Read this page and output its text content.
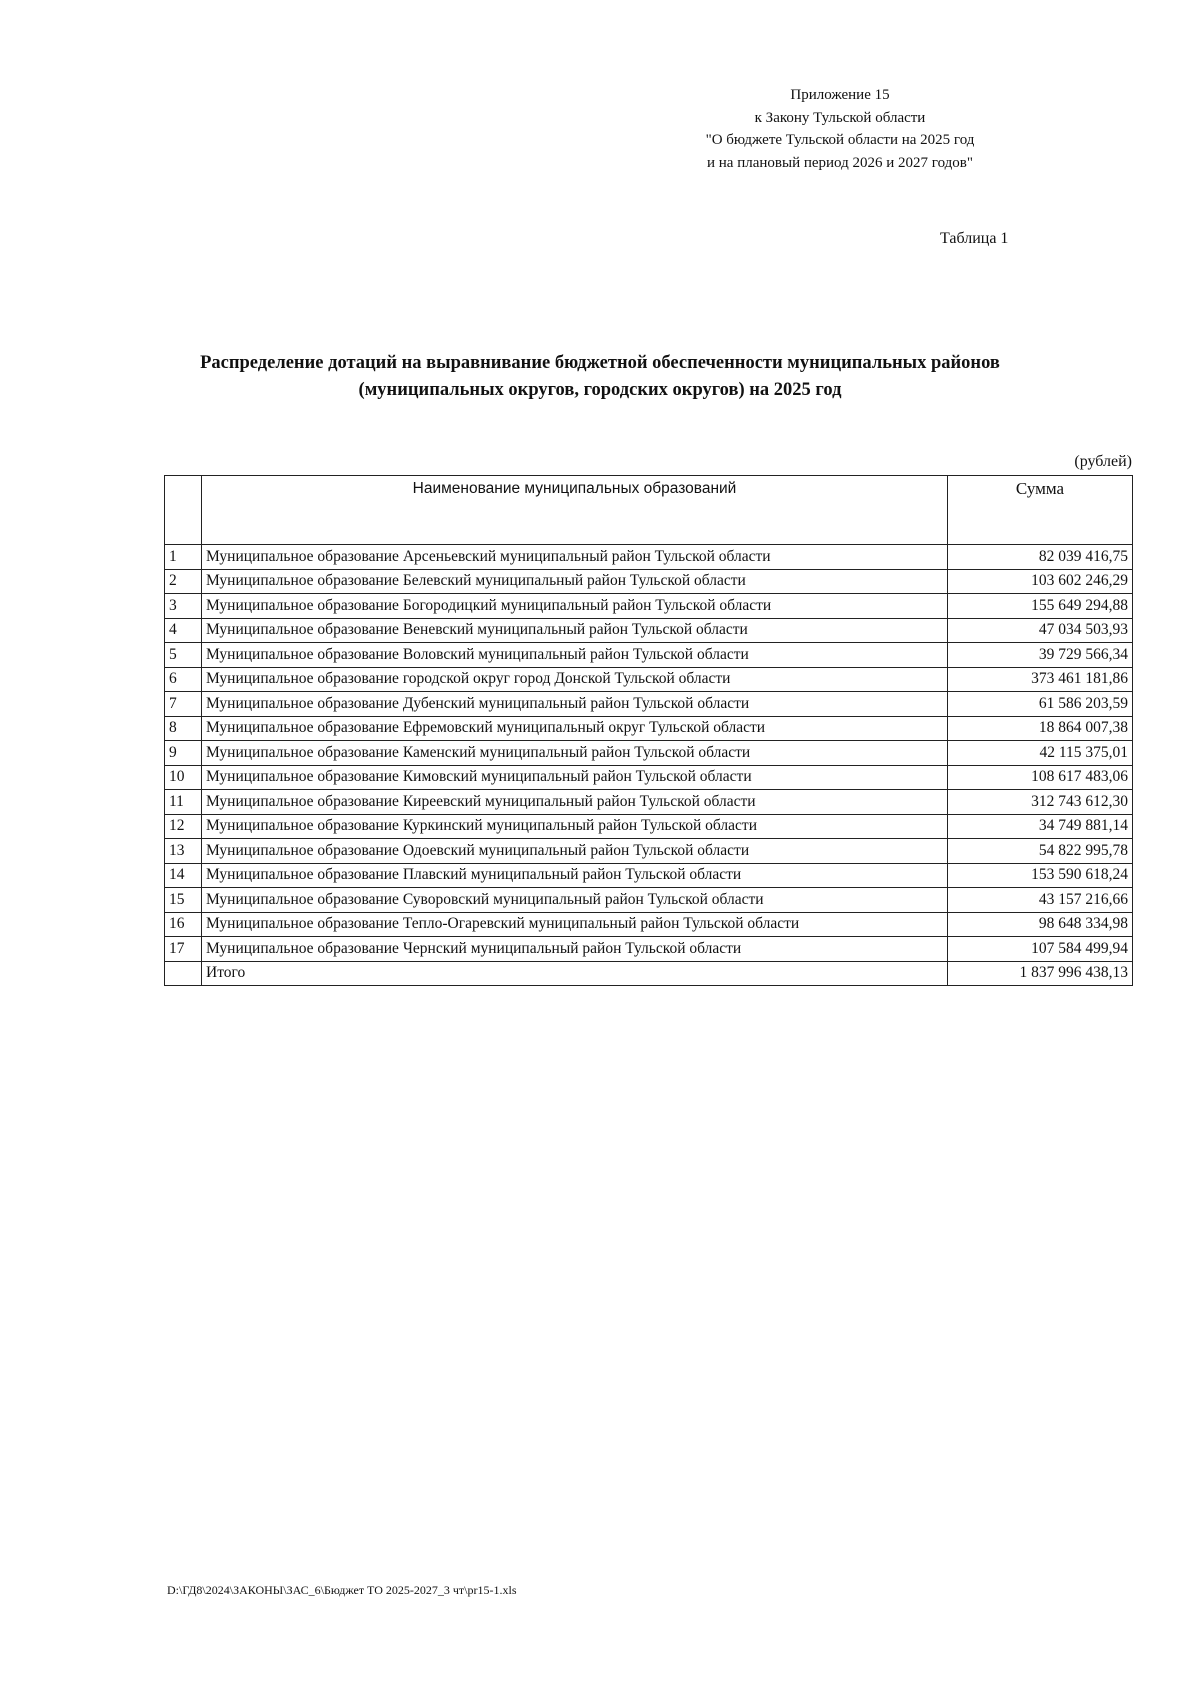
Приложение 15
к Закону Тульской области
"О бюджете Тульской области на 2025 год
и на плановый период 2026 и 2027 годов"
Таблица 1
Распределение дотаций на выравнивание бюджетной обеспеченности муниципальных районов
(муниципальных округов, городских округов) на 2025 год
(рублей)
	Наименование муниципальных образований	Сумма
1	Муниципальное образование Арсеньевский муниципальный район Тульской области	82 039 416,75
2	Муниципальное образование Белевский муниципальный район Тульской области	103 602 246,29
3	Муниципальное образование Богородицкий муниципальный район Тульской области	155 649 294,88
4	Муниципальное образование Веневский муниципальный район Тульской области	47 034 503,93
5	Муниципальное образование Воловский муниципальный район Тульской области	39 729 566,34
6	Муниципальное образование городской округ город Донской Тульской области	373 461 181,86
7	Муниципальное образование Дубенский муниципальный район Тульской области	61 586 203,59
8	Муниципальное образование Ефремовский муниципальный округ Тульской области	18 864 007,38
9	Муниципальное образование Каменский муниципальный район Тульской области	42 115 375,01
10	Муниципальное образование Кимовский муниципальный район Тульской области	108 617 483,06
11	Муниципальное образование Киреевский муниципальный район Тульской области	312 743 612,30
12	Муниципальное образование Куркинский муниципальный район Тульской области	34 749 881,14
13	Муниципальное образование Одоевский муниципальный район Тульской области	54 822 995,78
14	Муниципальное образование Плавский муниципальный район Тульской области	153 590 618,24
15	Муниципальное образование Суворовский муниципальный район Тульской области	43 157 216,66
16	Муниципальное образование Тепло-Огаревский муниципальный район Тульской области	98 648 334,98
17	Муниципальное образование Чернский муниципальный район Тульской области	107 584 499,94
	Итого	1 837 996 438,13
D:\ГД8\2024\ЗАКОНЫ\ЗАС_6\Бюджет ТО 2025-2027_3 чт\pr15-1.xls
